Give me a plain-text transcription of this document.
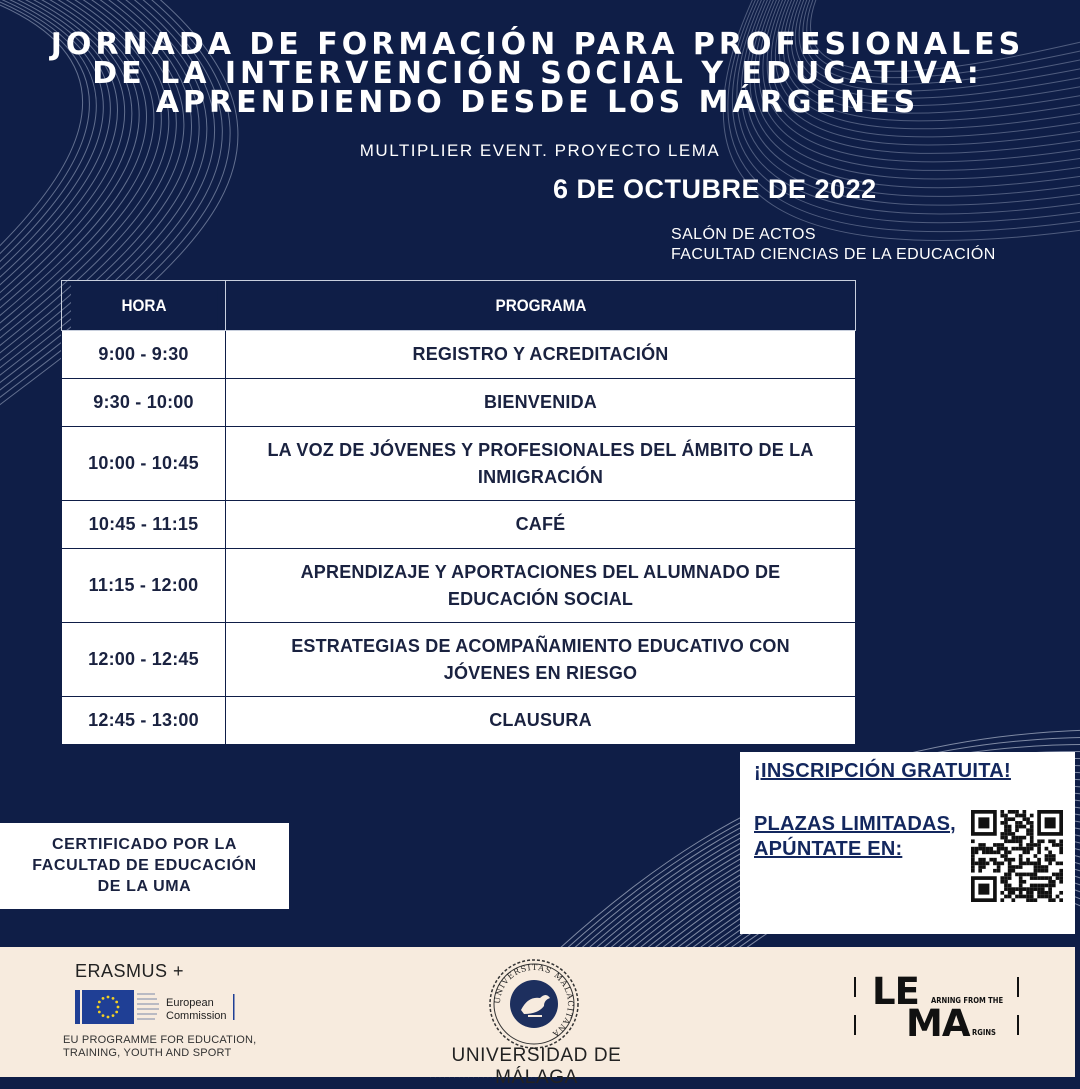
JORNADA DE FORMACIÓN PARA PROFESIONALES
DE LA INTERVENCIÓN SOCIAL Y EDUCATIVA:
APRENDIENDO DESDE LOS MÁRGENES
MULTIPLIER EVENT. PROYECTO LEMA
6 DE OCTUBRE DE 2022
SALÓN DE ACTOS
FACULTAD CIENCIAS DE LA EDUCACIÓN
HORA	PROGRAMA
9:00 - 9:30	REGISTRO Y ACREDITACIÓN

9:30 - 10:00	BIENVENIDA

10:00 - 10:45	LA VOZ DE JÓVENES Y PROFESIONALES DEL ÁMBITO DE LA
INMIGRACIÓN

10:45 - 11:15	CAFÉ

11:15 - 12:00	APRENDIZAJE Y APORTACIONES DEL ALUMNADO DE
EDUCACIÓN SOCIAL

12:00 - 12:45	ESTRATEGIAS DE ACOMPAÑAMIENTO EDUCATIVO CON
JÓVENES EN RIESGO

12:45 - 13:00	CLAUSURA
CERTIFICADO POR LA
FACULTAD DE EDUCACIÓN
DE LA UMA
¡INSCRIPCIÓN GRATUITA!
PLAZAS LIMITADAS,
APÚNTATE EN:
ERASMUS +
European
Commission
EU PROGRAMME FOR EDUCATION,
TRAINING, YOUTH AND SPORT
UNIVERSITAS MALACITANA
UNIVERSIDAD DE MÁLAGA
LE ARNING FROM THE
MA RGINS
